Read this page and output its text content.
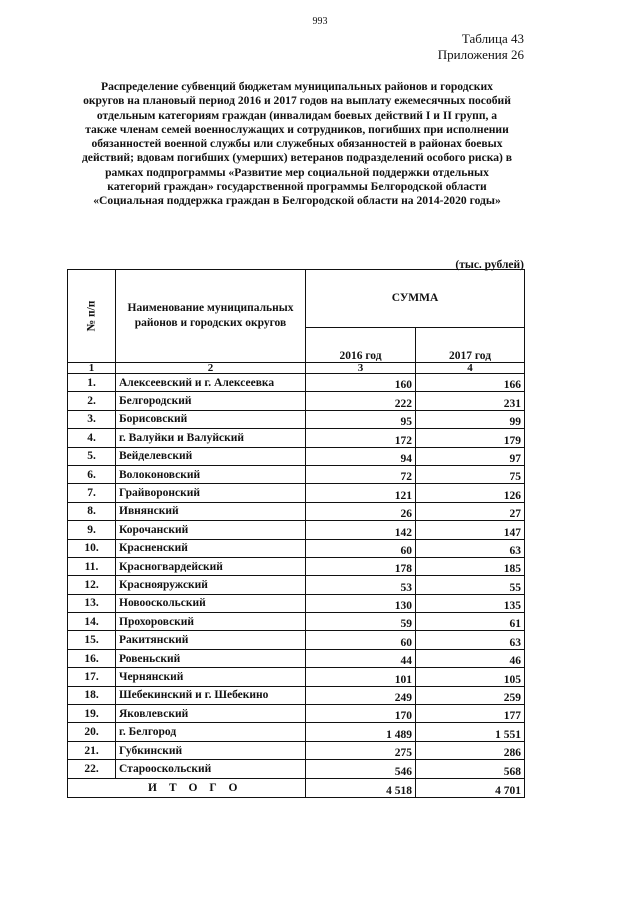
993
Таблица 43
Приложения 26
Распределение субвенций бюджетам муниципальных районов и городских
округов на плановый период 2016 и 2017 годов на выплату ежемесячных пособий
отдельным категориям граждан (инвалидам боевых действий I и II групп, а
также членам семей военнослужащих и сотрудников, погибших при исполнении
обязанностей военной службы или служебных обязанностей в районах боевых
действий; вдовам погибших (умерших) ветеранов подразделений особого риска) в
рамках подпрограммы «Развитие мер социальной поддержки отдельных
категорий граждан» государственной программы Белгородской области
«Социальная поддержка граждан в Белгородской области на 2014-2020 годы»
(тыс. рублей)
№ п/п	Наименование муниципальных районов и городских округов	СУММА	
		2016 год	2017 год
1	2	3	4
1.	Алексеевский и г. Алексеевка	160	166
2.	Белгородский	222	231
3.	Борисовский	95	99
4.	г. Валуйки и Валуйский	172	179
5.	Вейделевский	94	97
6.	Волоконовский	72	75
7.	Грайворонский	121	126
8.	Ивнянский	26	27
9.	Корочанский	142	147
10.	Красненский	60	63
11.	Красногвардейский	178	185
12.	Краснояружский	53	55
13.	Новооскольский	130	135
14.	Прохоровский	59	61
15.	Ракитянский	60	63
16.	Ровеньский	44	46
17.	Чернянский	101	105
18.	Шебекинский и г. Шебекино	249	259
19.	Яковлевский	170	177
20.	г. Белгород	1 489	1 551
21.	Губкинский	275	286
22.	Старооскольский	546	568
ИТОГО		4 518	4 701
